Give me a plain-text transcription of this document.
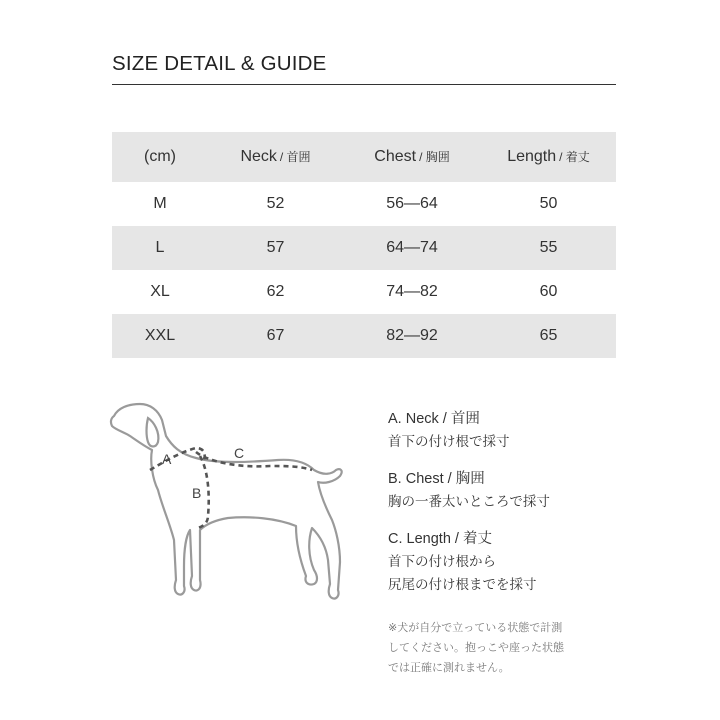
SIZE DETAIL & GUIDE
(cm)	Neck / 首囲	Chest / 胸囲	Length / 着丈
M	52	56—64	50
L	57	64—74	55
XL	62	74—82	60
XXL	67	82—92	65
A
B
C
A. Neck / 首囲
首下の付け根で採寸
B. Chest / 胸囲
胸の一番太いところで採寸
C. Length / 着丈
首下の付け根から
尻尾の付け根までを採寸
※犬が自分で立っている状態で計測
してください。抱っこや座った状態
では正確に測れません。
